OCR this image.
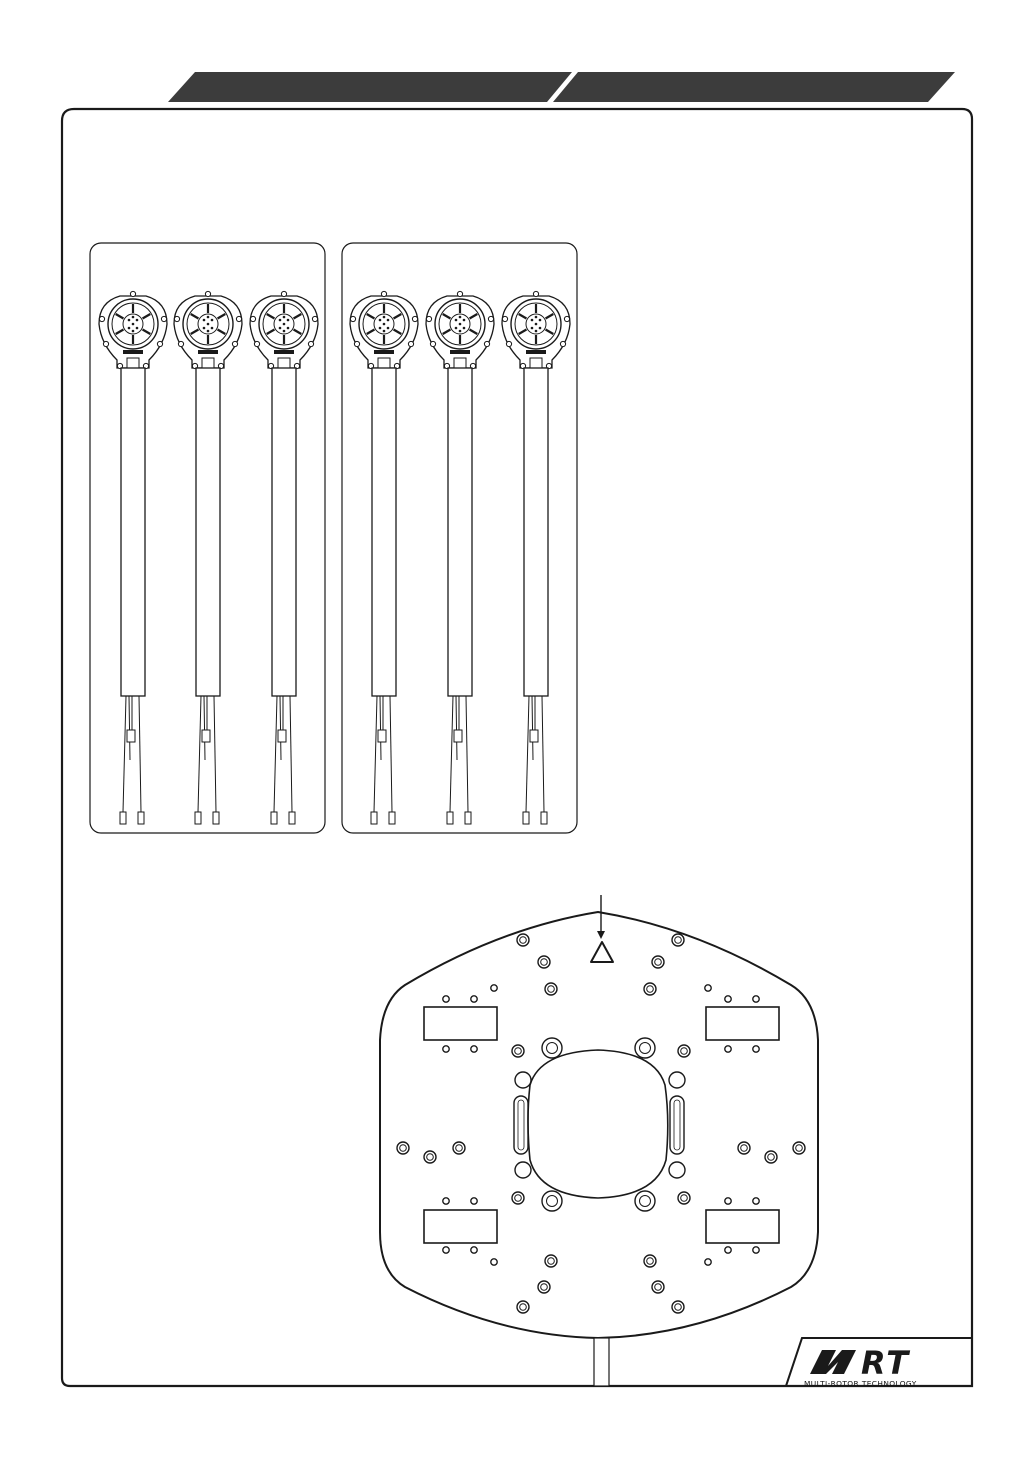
RT
MULTI-ROTOR TECHNOLOGY
